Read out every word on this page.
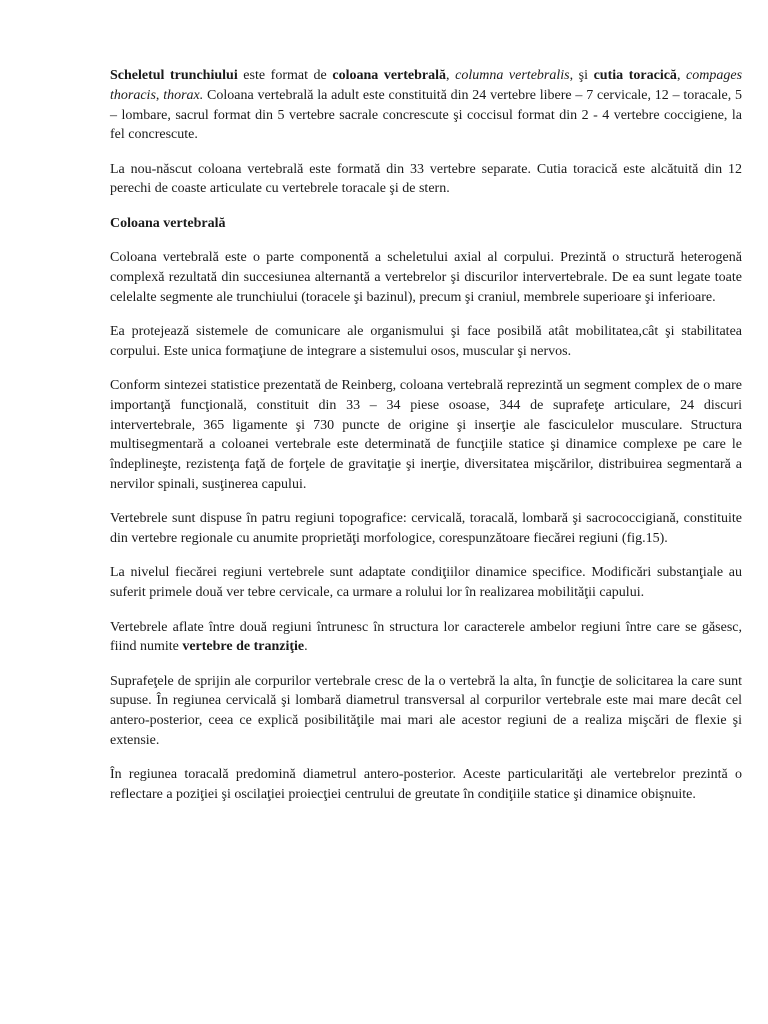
Scheletul trunchiului este format de coloana vertebrală, columna vertebralis, şi cutia toracică, compages thoracis, thorax. Coloana vertebrală la adult este constituită din 24 vertebre libere – 7 cervicale, 12 – toracale, 5 – lombare, sacrul format din 5 vertebre sacrale concrescute şi coccisul format din 2 - 4 vertebre coccigiene, la fel concrescute.

La nou-născut coloana vertebrală este formată din 33 vertebre separate. Cutia toracică este alcătuită din 12 perechi de coaste articulate cu vertebrele toracale şi de stern.

Coloana vertebrală

Coloana vertebrală este o parte componentă a scheletului axial al corpului. Prezintă o structură heterogenă complexă rezultată din succesiunea alternantă a vertebrelor şi discurilor intervertebrale. De ea sunt legate toate celelalte segmente ale trunchiului (toracele şi bazinul), precum şi craniul, membrele superioare şi inferioare.

Ea protejează sistemele de comunicare ale organismului şi face posibilă atât mobilitatea,cât şi stabilitatea corpului. Este unica formaţiune de integrare a sistemului osos, muscular şi nervos.

Conform sintezei statistice prezentată de Reinberg, coloana vertebrală reprezintă un segment complex de o mare importanţă funcţională, constituit din 33 – 34 piese osoase, 344 de suprafeţe articulare, 24 discuri intervertebrale, 365 ligamente şi 730 puncte de origine şi inserţie ale fasciculelor musculare. Structura multisegmentară a coloanei vertebrale este determinată de funcţiile statice şi dinamice complexe pe care le îndeplineşte, rezistenţa faţă de forţele de gravitaţie şi inerţie, diversitatea mişcărilor, distribuirea segmentară a nervilor spinali, susţinerea capului.

Vertebrele sunt dispuse în patru regiuni topografice: cervicală, toracală, lombară şi sacrococcigiană, constituite din vertebre regionale cu anumite proprietăţi morfologice, corespunzătoare fiecărei regiuni (fig.15).

La nivelul fiecărei regiuni vertebrele sunt adaptate condiţiilor dinamice specifice. Modificări substanţiale au suferit primele două ver tebre cervicale, ca urmare a rolului lor în realizarea mobilităţii capului.

Vertebrele aflate între două regiuni întrunesc în structura lor caracterele ambelor regiuni între care se găsesc, fiind numite vertebre de tranziţie.

Suprafeţele de sprijin ale corpurilor vertebrale cresc de la o vertebră la alta, în funcţie de solicitarea la care sunt supuse. În regiunea cervicală şi lombară diametrul transversal al corpurilor vertebrale este mai mare decât cel antero-posterior, ceea ce explică posibilităţile mai mari ale acestor regiuni de a realiza mişcări de flexie şi extensie.

În regiunea toracală predomină diametrul antero-posterior. Aceste particularităţi ale vertebrelor prezintă o reflectare a poziţiei şi oscilaţiei proiecţiei centrului de greutate în condiţiile statice şi dinamice obişnuite.
